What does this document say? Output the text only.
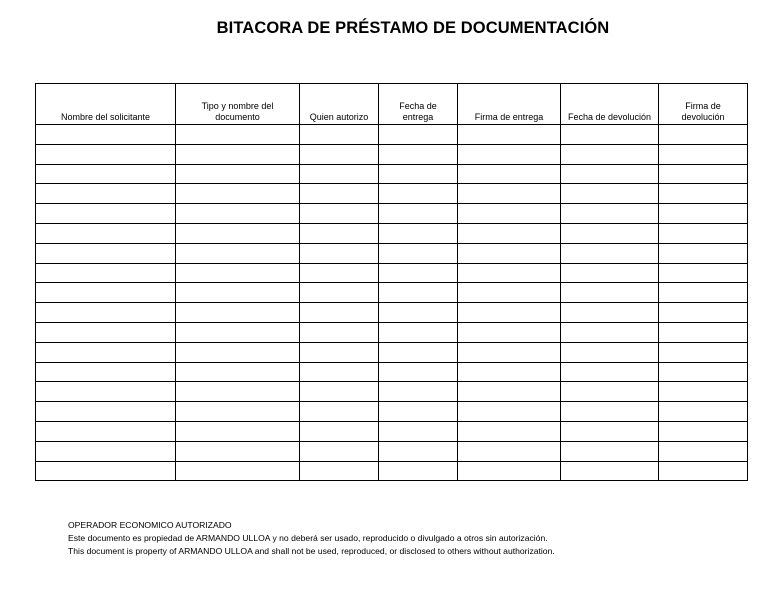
BITACORA DE PRÉSTAMO DE DOCUMENTACIÓN
Nombre del solicitante	Tipo y nombre del documento	Quien autorizo	Fecha de entrega	Firma de entrega	Fecha de devolución	Firma de devolución

OPERADOR ECONOMICO AUTORIZADO
Este documento es propiedad de ARMANDO ULLOA y no deberá ser usado, reproducido o divulgado a otros sin autorización.
This document is property of ARMANDO ULLOA and shall not be used, reproduced, or disclosed to others without authorization.
